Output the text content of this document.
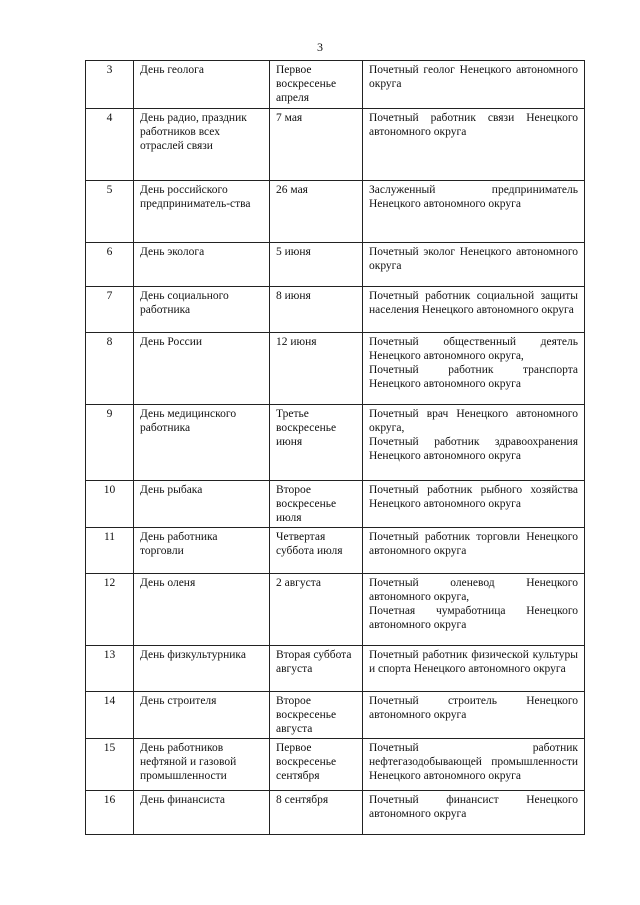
3
3	День геолога	Первое воскресенье апреля	Почетный геолог Ненецкого автономного округа

4	День радио, праздник работников всех отраслей связи	7 мая	Почетный работник связи Ненецкого автономного округа

5	День российского предприниматель-ства	26 мая	Заслуженный предприниматель Ненецкого автономного округа

6	День эколога	5 июня	Почетный эколог Ненецкого автономного округа

7	День социального работника	8 июня	Почетный работник социальной защиты населения Ненецкого автономного округа

8	День России	12 июня	Почетный общественный деятель Ненецкого автономного округа,
Почетный работник транспорта Ненецкого автономного округа

9	День медицинского работника	Третье воскресенье июня	Почетный врач Ненецкого автономного округа,
Почетный работник здравоохранения Ненецкого автономного округа

10	День рыбака	Второе воскресенье июля	Почетный работник рыбного хозяйства Ненецкого автономного округа

11	День работника торговли	Четвертая суббота июля	Почетный работник торговли Ненецкого автономного округа

12	День оленя	2 августа	Почетный оленевод Ненецкого автономного округа,
Почетная чумработница Ненецкого автономного округа

13	День физкультурника	Вторая суббота августа	Почетный работник физической культуры и спорта Ненецкого автономного округа

14	День строителя	Второе воскресенье августа	Почетный строитель Ненецкого автономного округа

15	День работников нефтяной и газовой промышленности	Первое воскресенье сентября	Почетный работник нефтегазодобывающей промышленности Ненецкого автономного округа

16	День финансиста	8 сентября	Почетный финансист Ненецкого автономного округа
